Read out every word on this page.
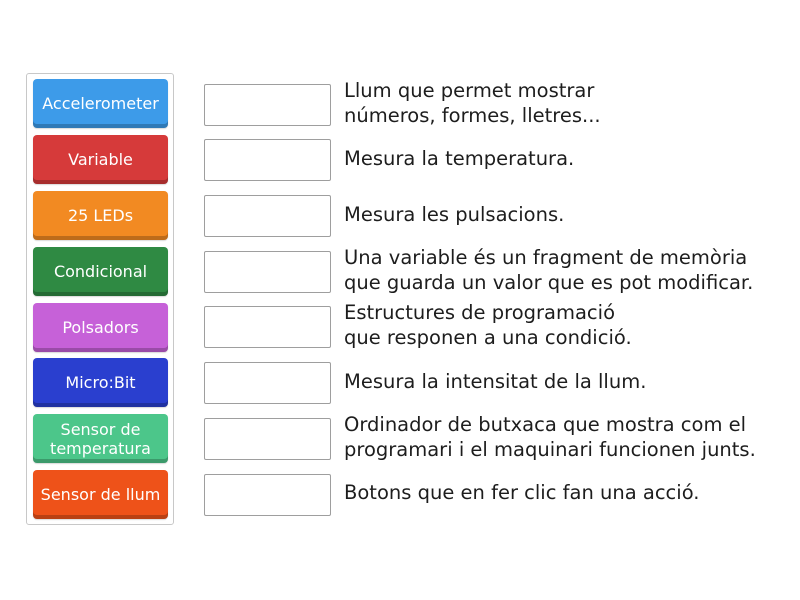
Accelerometer
Variable
25 LEDs
Condicional
Polsadors
Micro:Bit
Sensor de temperatura
Sensor de llum
Llum que permet mostrar
números, formes, lletres...
Mesura la temperatura.
Mesura les pulsacions.
Una variable és un fragment de memòria
que guarda un valor que es pot modificar.
Estructures de programació
que responen a una condició.
Mesura la intensitat de la llum.
Ordinador de butxaca que mostra com el
programari i el maquinari funcionen junts.
Botons que en fer clic fan una acció.
